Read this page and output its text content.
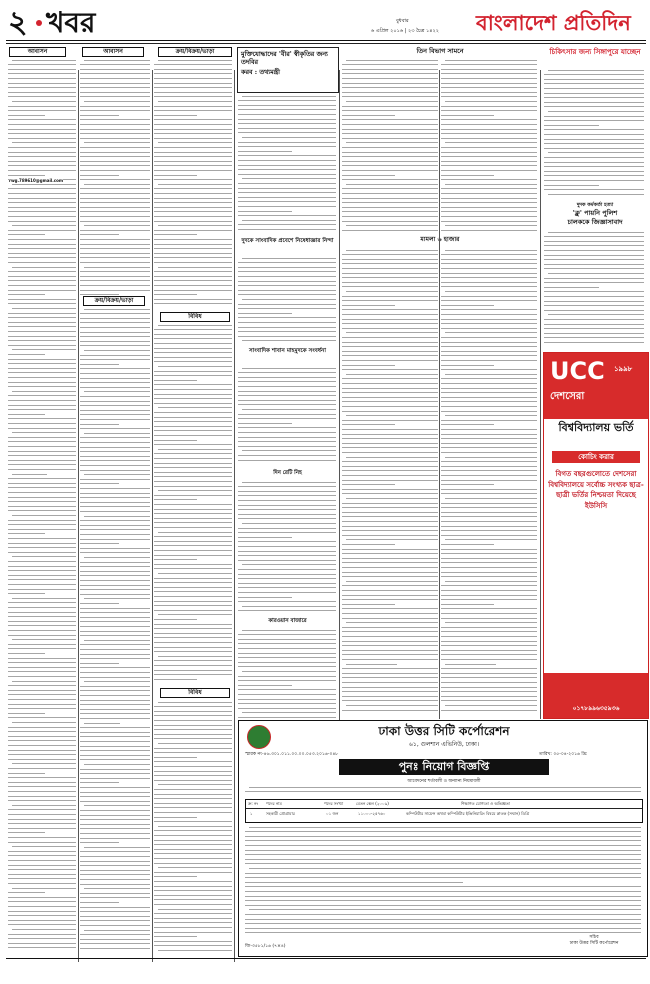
২ খবর	বুধবার
৬ এপ্রিল ২০১৬ | ২৩ চৈত্র ১৪২২ বাংলাদেশ প্রতিদিন
আবাসন	আবাসন	ক্রয়/বিক্রয়/ভাড়া
ক্রয়/বিক্রয়/ভাড়া
বিবিধ
বিবিধ
rwg.789610@gmail.com
মুক্তিযোদ্ধাদের 'বীর' স্বীকৃতির জন্য তদবির
করব : তথ্যমন্ত্রী
দুদকে সাংবাদিক প্রবেশে নিষেধাজ্ঞার নিন্দা
সাংবাদিক শাবান মাহমুদকে সংবর্ধনা
দিন রেটি নিহ
কারওয়ান বাজারে
তিন বিভাগ সামনে
মামলা ৬ হাজার
চিকিৎসার জন্য সিঙ্গাপুরে যাচ্ছেন
দুদক কর্মকর্তা হত্যা
'ক্লু' পায়নি পুলিশ
চালককে জিজ্ঞাসাবাদ
UCC ১৯৯৮
দেশসেরা
বিশ্ববিদ্যালয় ভর্তি
কোচিং করার
বিগত বছরগুলোতে দেশসেরা বিশ্ববিদ্যালয়ে সর্বোচ্চ সংখ্যক ছাত্র-ছাত্রী ভর্তির নিশ্চয়তা দিয়েছে ইউসিসি
০১৭৮৯৯৬৩৫৯৩৬
ঢাকা উত্তর সিটি কর্পোরেশন
৬১, গুলশান এভিনিউ, ঢাকা।
স্মারক নং-৪৬.৩০১.০১১.০০.০০.০৫৩.২০১৬-০৪৮	তারিখ: ০৫-০৪-২০১৬ খ্রি:
পুনঃ নিয়োগ বিজ্ঞপ্তি
আবেদনের শর্তাবলী ও অন্যান্য নিয়মাবলী
ক্র: নং পদের নাম	পদের সংখ্যা	বেতন স্কেল (২০০৯)	শিক্ষাগত যোগ্যতা ও অভিজ্ঞতা
১	সহকারী প্রোগ্রামার	০১ জন	১১০০০-২৫৭৬০	কম্পিউটার সায়েন্স অথবা কম্পিউটার ইঞ্জিনিয়ারিং বিষয়ে স্নাতক (সম্মান) ডিগ্রি
জি-৩৫৮১/১৬ (৭×৪)
সচিব
ঢাকা উত্তর সিটি কর্পোরেশন
